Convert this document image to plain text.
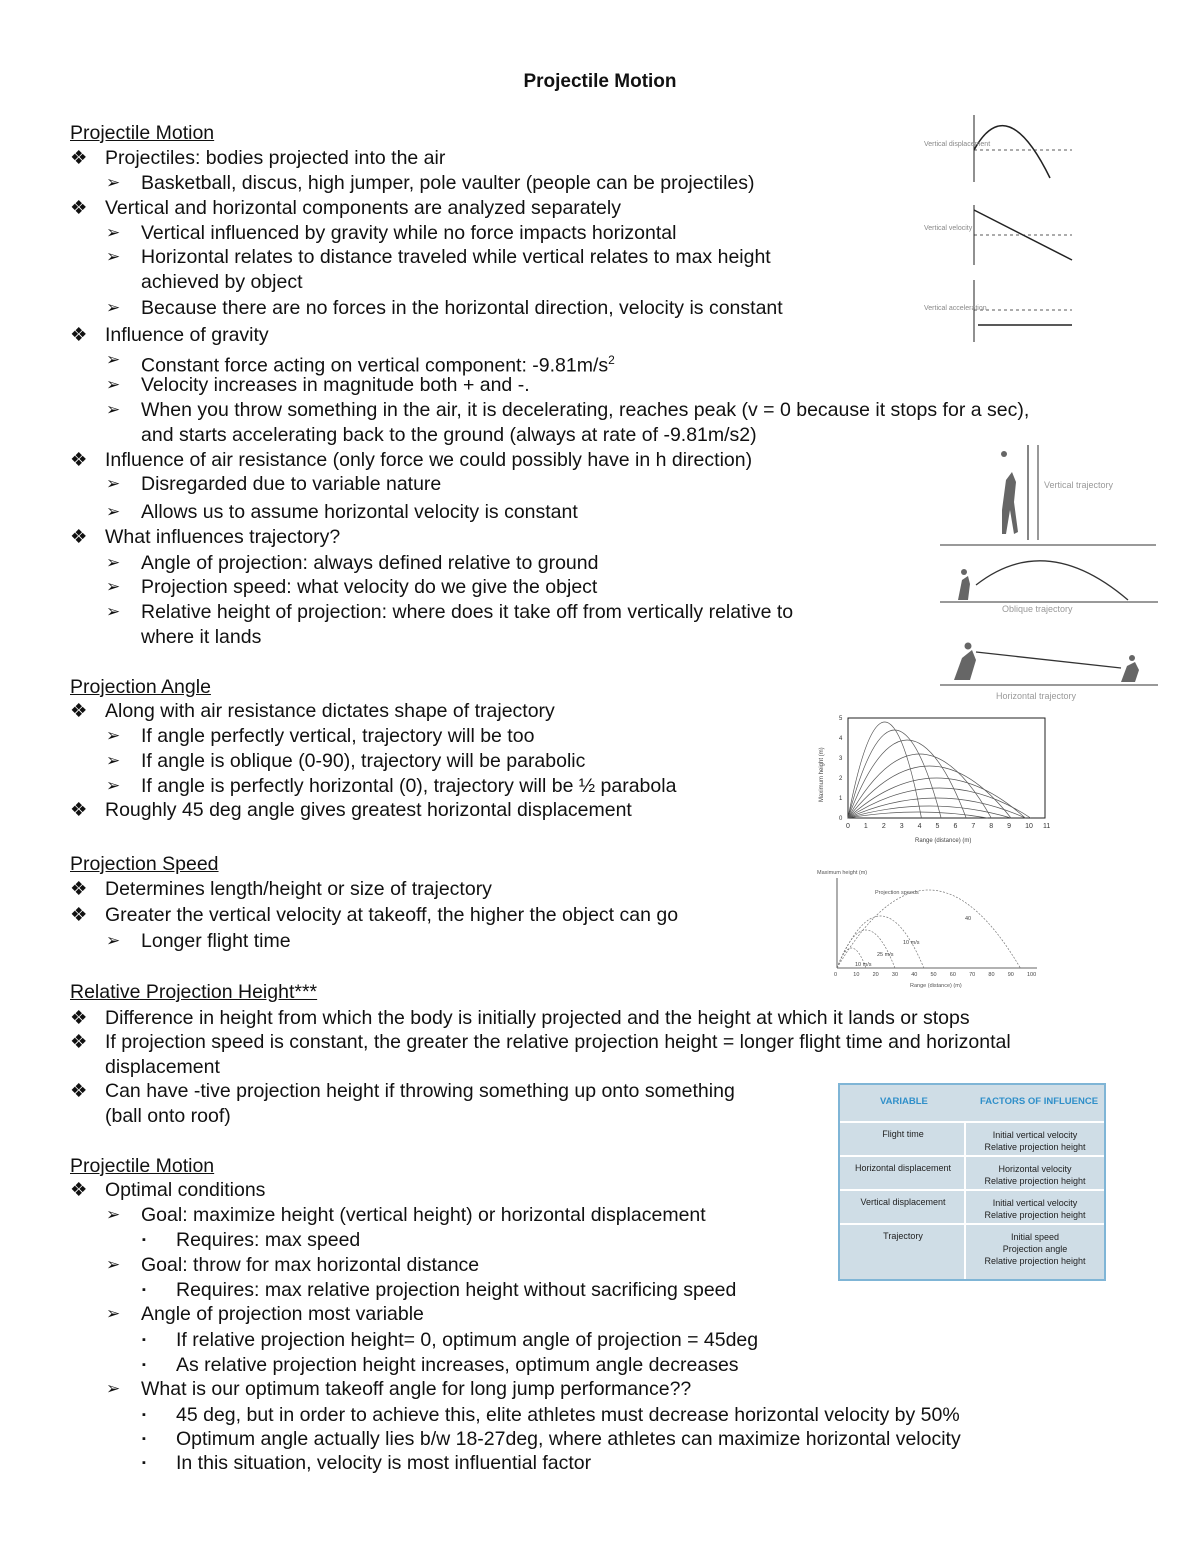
Projectile Motion
Projectile Motion
❖ Projectiles: bodies projected into the air
➢	Basketball, discus, high jumper, pole vaulter (people can be projectiles)
❖ Vertical and horizontal components are analyzed separately
➢	Vertical influenced by gravity while no force impacts horizontal
➢	Horizontal relates to distance traveled while vertical relates to max height
achieved by object
➢	Because there are no forces in the horizontal direction, velocity is constant
❖ Influence of gravity
➢	Constant force acting on vertical component: $-9.81m/s^2$
➢	Velocity increases in magnitude both + and -.
➢	When you throw something in the air, it is decelerating, reaches peak (v = 0 because it stops for a sec),
and starts accelerating back to the ground (always at rate of -9.81m/s2)
❖ Influence of air resistance (only force we could possibly have in h direction)
➢	Disregarded due to variable nature
➢	Allows us to assume horizontal velocity is constant
❖ What influences trajectory?
➢	Angle of projection: always defined relative to ground
➢	Projection speed: what velocity do we give the object
➢	Relative height of projection: where does it take off from vertically relative to
where it lands
Projection Angle
❖ Along with air resistance dictates shape of trajectory
➢	If angle perfectly vertical, trajectory will be too
➢	If angle is oblique (0-90), trajectory will be parabolic
➢	If angle is perfectly horizontal (0), trajectory will be ½ parabola
❖ Roughly 45 deg angle gives greatest horizontal displacement
Projection Speed
❖ Determines length/height or size of trajectory
❖ Greater the vertical velocity at takeoff, the higher the object can go
➢	Longer flight time
Relative Projection Height***
❖ Difference in height from which the body is initially projected and the height at which it lands or stops
❖ If projection speed is constant, the greater the relative projection height = longer flight time and horizontal
displacement
❖ Can have -tive projection height if throwing something up onto something
(ball onto roof)
Projectile Motion
❖ Optimal conditions
➢	Goal: maximize height (vertical height) or horizontal displacement
▪	Requires: max speed
➢	Goal: throw for max horizontal distance
▪	Requires: max relative projection height without sacrificing speed
➢	Angle of projection most variable
▪	If relative projection height= 0, optimum angle of projection = 45deg
▪	As relative projection height increases, optimum angle decreases
➢	What is our optimum takeoff angle for long jump performance??
▪	45 deg, but in order to achieve this, elite athletes must decrease horizontal velocity by 50%
▪	Optimum angle actually lies b/w 18-27deg, where athletes can maximize horizontal velocity
▪	In this situation, velocity is most influential factor
Vertical displacement
Vertical velocity
Vertical acceleration
Vertical trajectory
Oblique trajectory
Horizontal trajectory
Maximum height (m)
Range (distance) (m)
0 1 2 3 4 5 6 7 8 9 10 11
0
1
2
3
4
5
Maximum height (m)
Projection speeds
Range (distance) (m)
0	10 20 30 40 50 60 70 80 90 100
40
10 m/s
25 m/s
10 m/s
VARIABLE	FACTORS OF INFLUENCE
Flight time	Initial vertical velocity
Relative projection height
Horizontal displacement	Horizontal velocity
Relative projection height
Vertical displacement	Initial vertical velocity
Relative projection height
Trajectory	Initial speed
Projection angle
Relative projection height
